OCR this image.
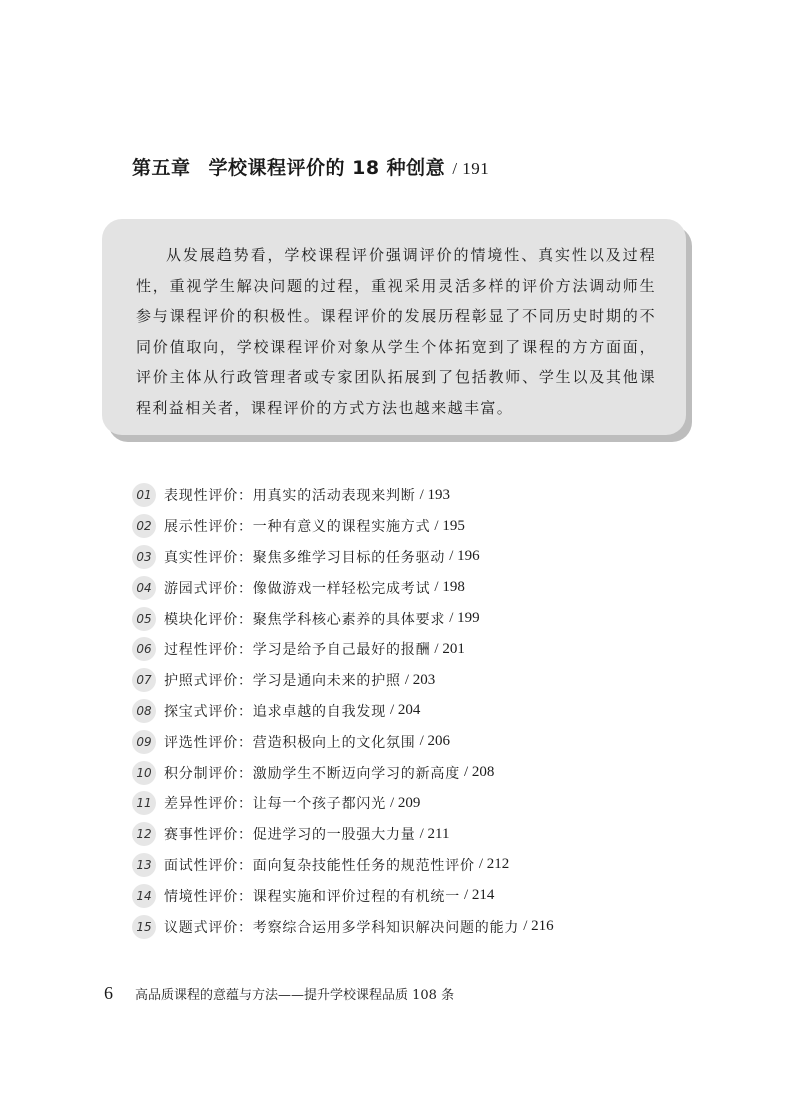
第五章 学校课程评价的 18 种创意 / 191

从发展趋势看，学校课程评价强调评价的情境性、真实性以及过程性，重视学生解决问题的过程，重视采用灵活多样的评价方法调动师生参与课程评价的积极性。课程评价的发展历程彰显了不同历史时期的不同价值取向，学校课程评价对象从学生个体拓宽到了课程的方方面面，评价主体从行政管理者或专家团队拓展到了包括教师、学生以及其他课程利益相关者，课程评价的方式方法也越来越丰富。

01 表现性评价：用真实的活动表现来判断 / 193
02 展示性评价：一种有意义的课程实施方式 / 195
03 真实性评价：聚焦多维学习目标的任务驱动 / 196
04 游园式评价：像做游戏一样轻松完成考试 / 198
05 模块化评价：聚焦学科核心素养的具体要求 / 199
06 过程性评价：学习是给予自己最好的报酬 / 201
07 护照式评价：学习是通向未来的护照 / 203
08 探宝式评价：追求卓越的自我发现 / 204
09 评选性评价：营造积极向上的文化氛围 / 206
10 积分制评价：激励学生不断迈向学习的新高度 / 208
11 差异性评价：让每一个孩子都闪光 / 209
12 赛事性评价：促进学习的一股强大力量 / 211
13 面试性评价：面向复杂技能性任务的规范性评价 / 212
14 情境性评价：课程实施和评价过程的有机统一 / 214
15 议题式评价：考察综合运用多学科知识解决问题的能力 / 216
6 高品质课程的意蕴与方法——提升学校课程品质 108 条
